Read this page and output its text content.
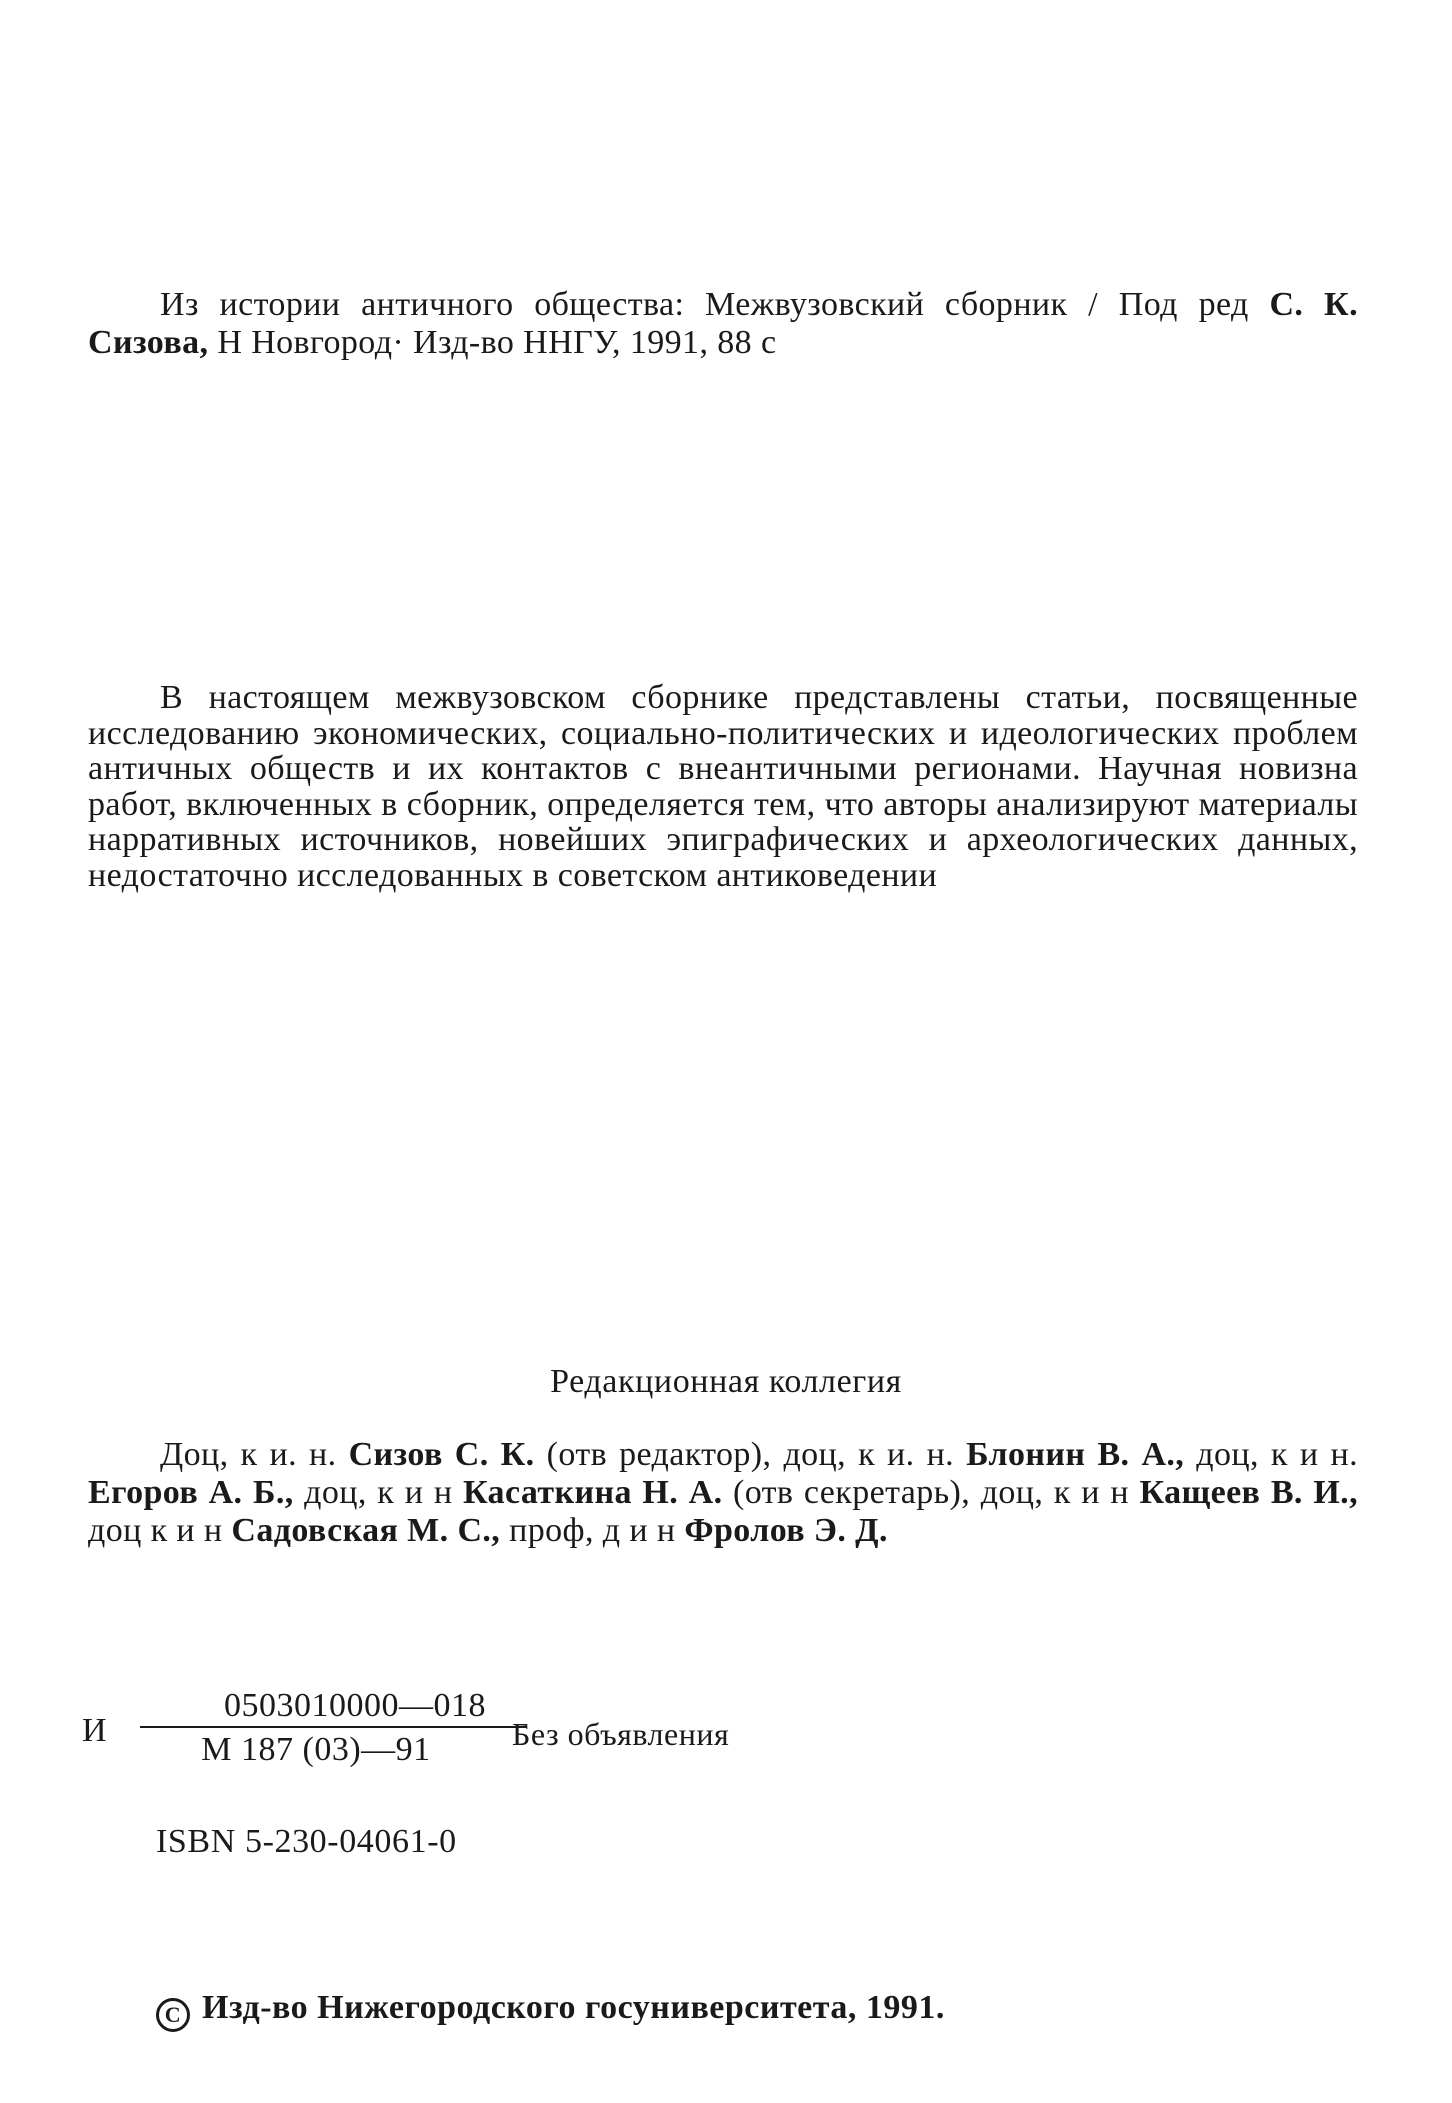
Из истории античного общества: Межвузовский сборник / Под ред С. К. Сизова, Н Новгород· Изд-во ННГУ, 1991, 88 с
В настоящем межвузовском сборнике представлены статьи, посвященные исследованию экономических, социально-политических и идеологических проблем античных обществ и их контактов с внеантичными регионами. Научная новизна работ, включенных в сборник, определяется тем, что авторы анализируют материалы нарративных источников, новейших эпиграфических и археологических данных, недостаточно исследованных в советском антиковедении
Редакционная коллегия
Доц, к и. н. Сизов С. К. (отв редактор), доц, к и. н. Блонин В. А., доц, к и н. Егоров А. Б., доц, к и н Касаткина Н. А. (отв секретарь), доц, к и н Кащеев В. И., доц к и н Садовская М. С., проф, д и н Фролов Э. Д.
И
0503010000—018
М 187 (03)—91	Без объявления
ISBN 5-230-04061-0
СИзд-во Нижегородского госуниверситета, 1991.
